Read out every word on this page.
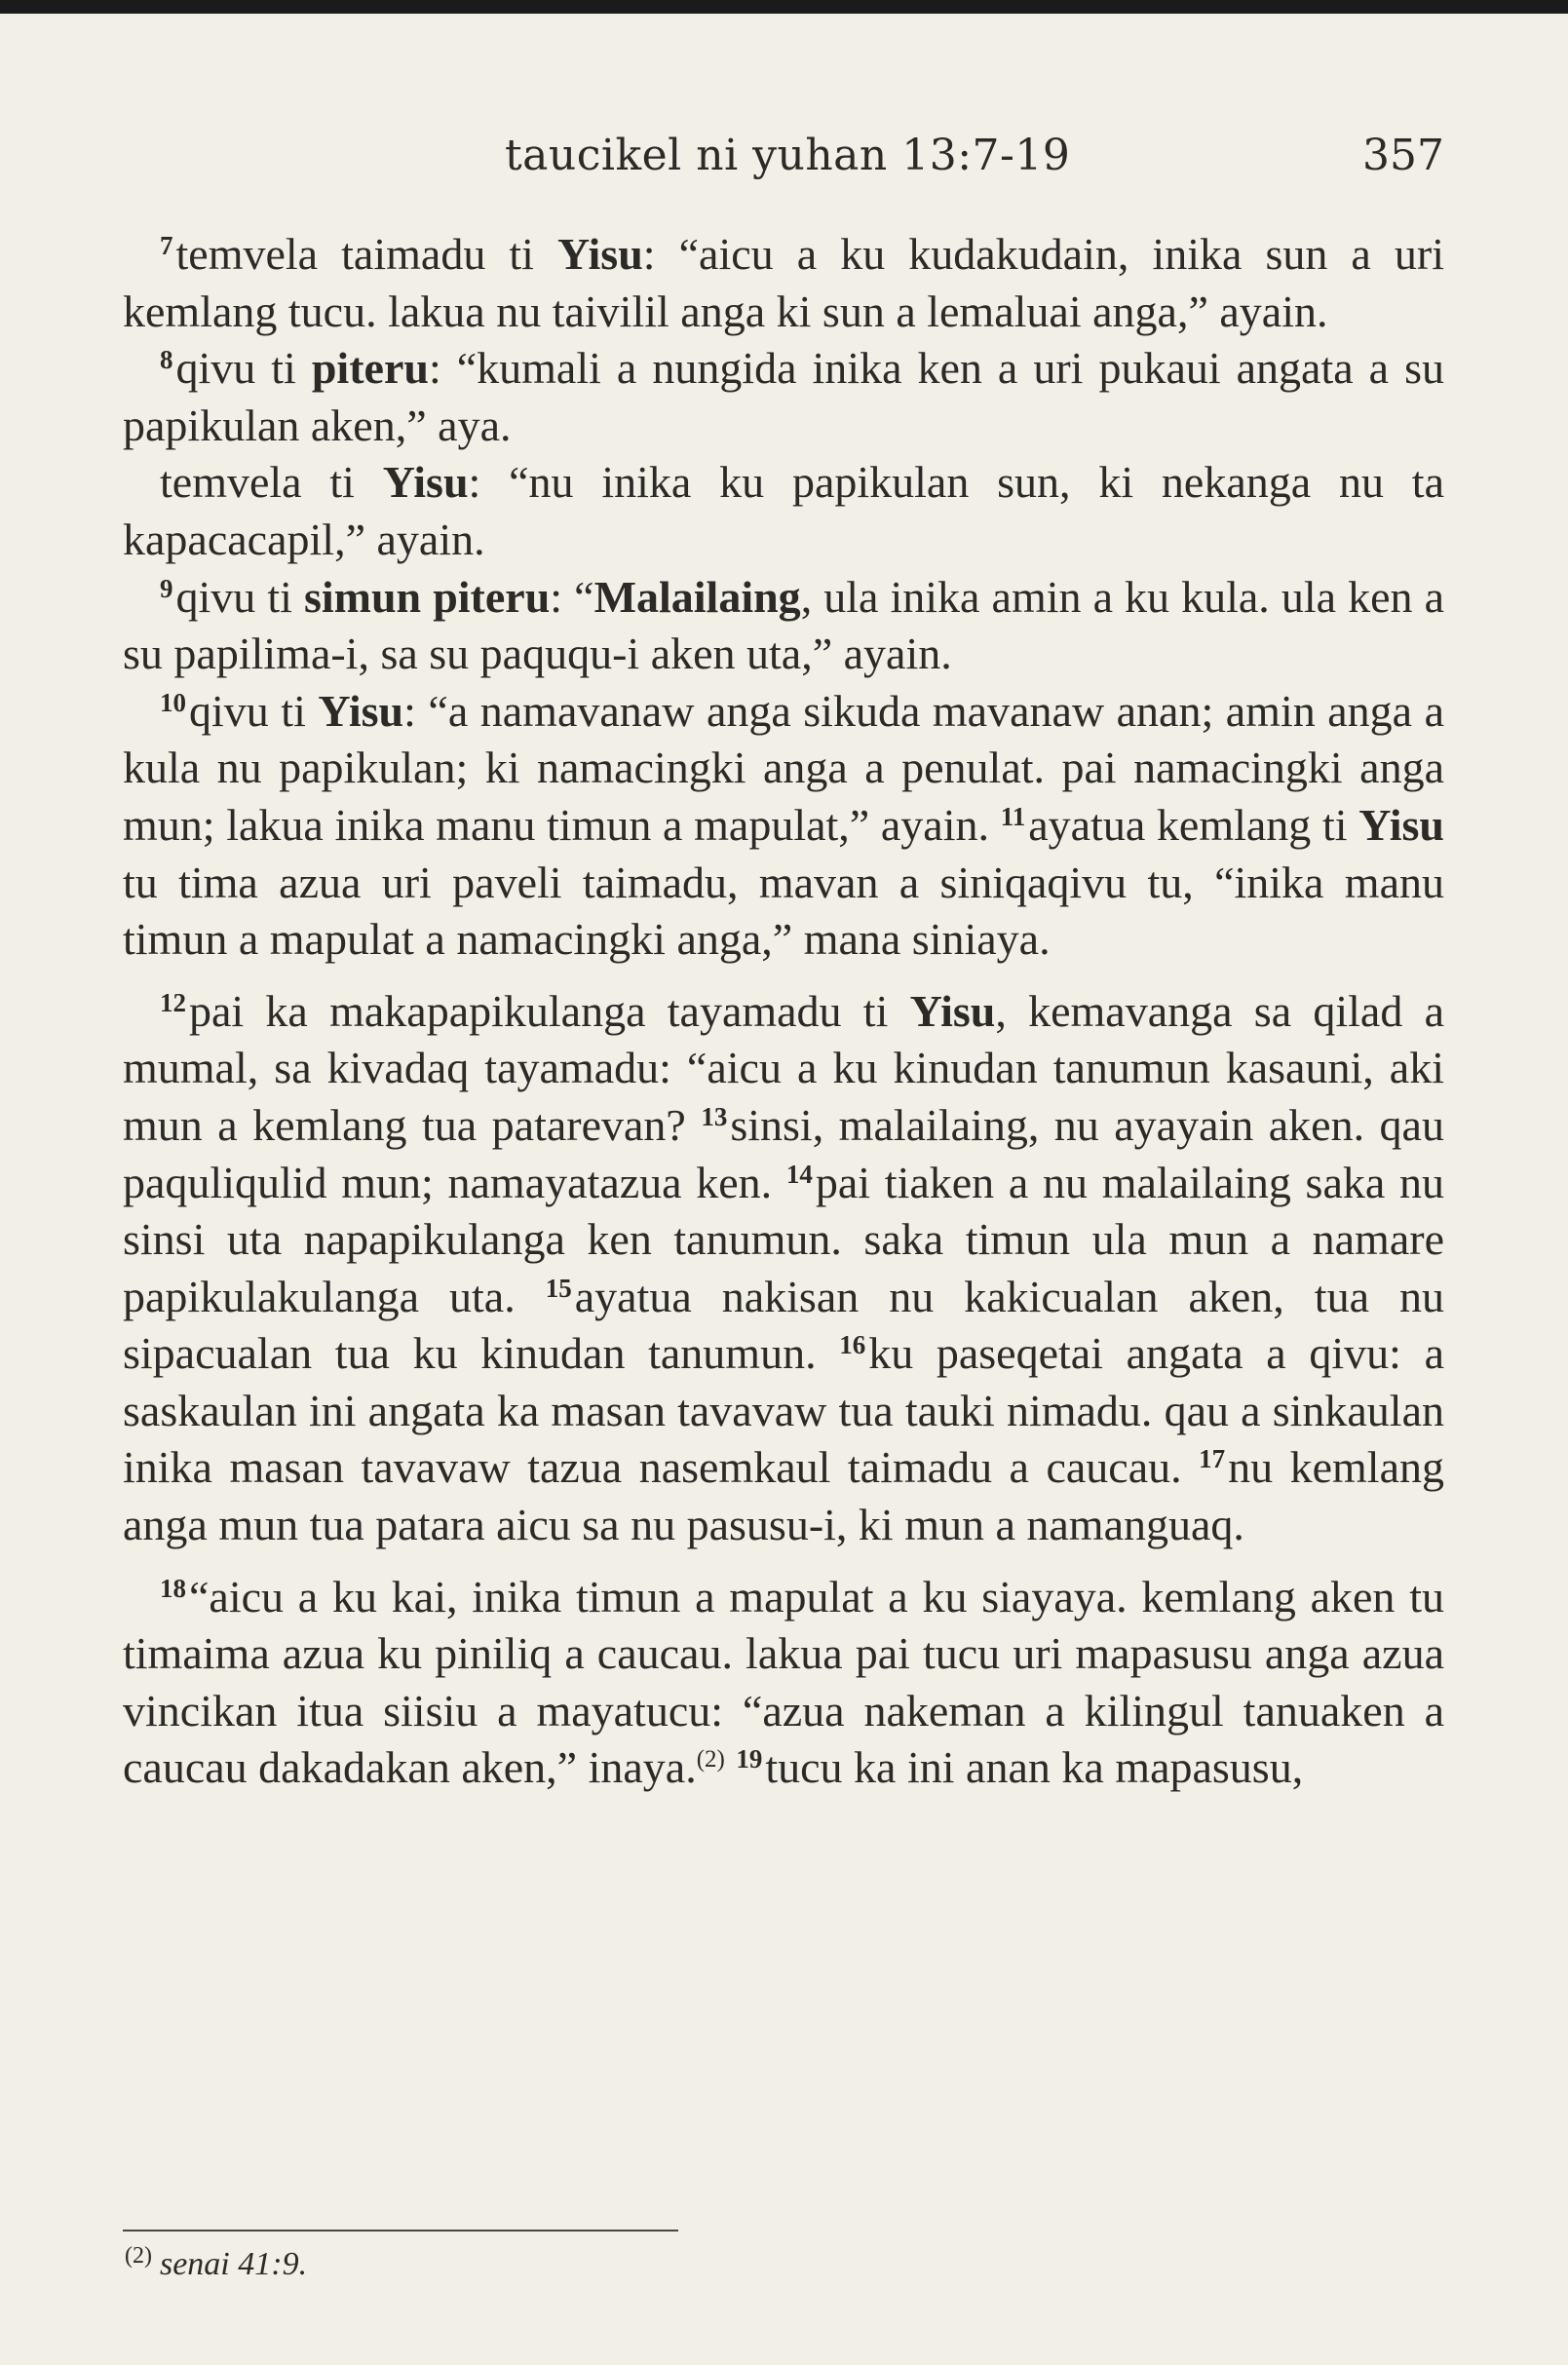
taucikel ni yuhan 13:7-19	357

$^7$temvela taimadu ti Yisu: “aicu a ku kudakudain, inika sun a uri kemlang tucu. lakua nu taivilil anga ki sun a lemaluai anga,” ayain.

$^8$qivu ti piteru: “kumali a nungida inika ken a uri pukaui angata a su papikulan aken,” aya.

temvela ti Yisu: “nu inika ku papikulan sun, ki nekanga nu ta kapacacapil,” ayain.

$^9$qivu ti simun piteru: “Malailaing, ula inika amin a ku kula. ula ken a su papilima-i, sa su paququ-i aken uta,” ayain.

$^{10}$qivu ti Yisu: “a namavanaw anga sikuda mavanaw anan; amin anga a kula nu papikulan; ki namacingki anga a penulat. pai namacingki anga mun; lakua inika manu timun a mapulat,” ayain. $^{11}$ayatua kemlang ti Yisu tu tima azua uri paveli taimadu, mavan a siniqaqivu tu, “inika manu timun a mapulat a namacingki anga,” mana siniaya.

$^{12}$pai ka makapapikulanga tayamadu ti Yisu, kemavanga sa qilad a mumal, sa kivadaq tayamadu: “aicu a ku kinudan tanumun kasauni, aki mun a kemlang tua patarevan? $^{13}$sinsi, malailaing, nu ayayain aken. qau paquliqulid mun; namayatazua ken. $^{14}$pai tiaken a nu malailaing saka nu sinsi uta napapikulanga ken tanumun. saka timun ula mun a namare papikulakulanga uta. $^{15}$ayatua nakisan nu kakicualan aken, tua nu sipacualan tua ku kinudan tanumun. $^{16}$ku paseqetai angata a qivu: a saskaulan ini angata ka masan tavavaw tua tauki nimadu. qau a sinkaulan inika masan tavavaw tazua nasemkaul taimadu a caucau. $^{17}$nu kemlang anga mun tua patara aicu sa nu pasusu-i, ki mun a namanguaq.

$^{18}$“aicu a ku kai, inika timun a mapulat a ku siayaya. kemlang aken tu timaima azua ku piniliq a caucau. lakua pai tucu uri mapasusu anga azua vincikan itua siisiu a mayatucu: “azua nakeman a kilingul tanuaken a caucau dakadakan aken,” inaya.$^{(2)}$ $^{19}$tucu ka ini anan ka mapasusu,

$^{(2)}$ senai 41:9.
